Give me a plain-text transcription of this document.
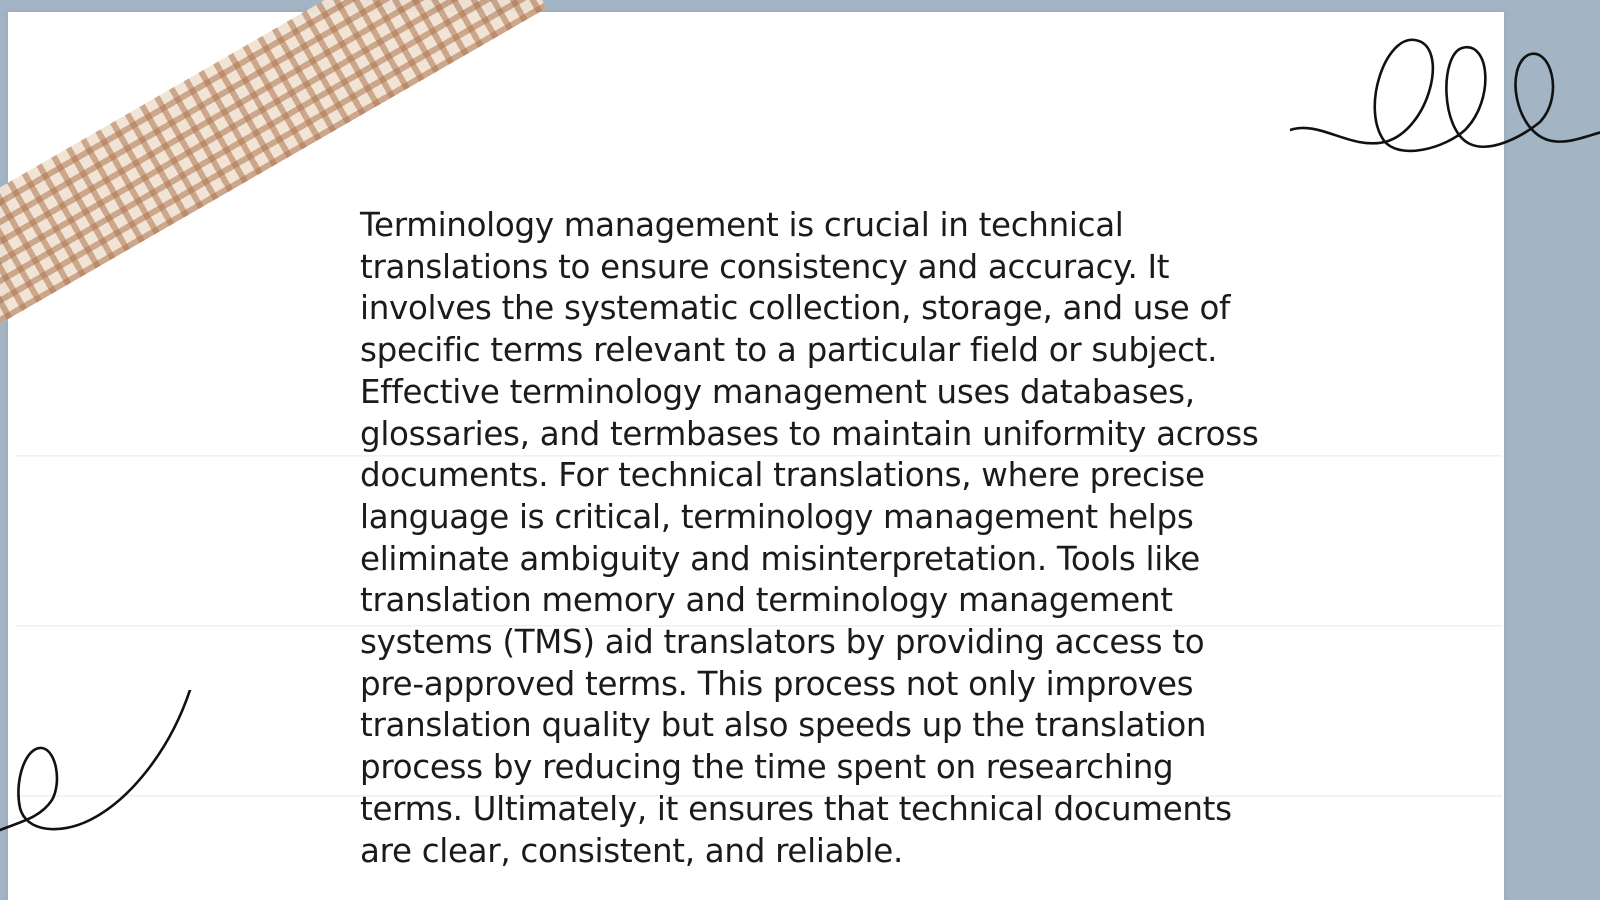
Terminology management is crucial in technical translations to ensure consistency and accuracy. It involves the systematic collection, storage, and use of specific terms relevant to a particular field or subject. Effective terminology management uses databases, glossaries, and termbases to maintain uniformity across documents. For technical translations, where precise language is critical, terminology management helps eliminate ambiguity and misinterpretation. Tools like translation memory and terminology management systems (TMS) aid translators by providing access to pre-approved terms. This process not only improves translation quality but also speeds up the translation process by reducing the time spent on researching terms. Ultimately, it ensures that technical documents are clear, consistent, and reliable.
